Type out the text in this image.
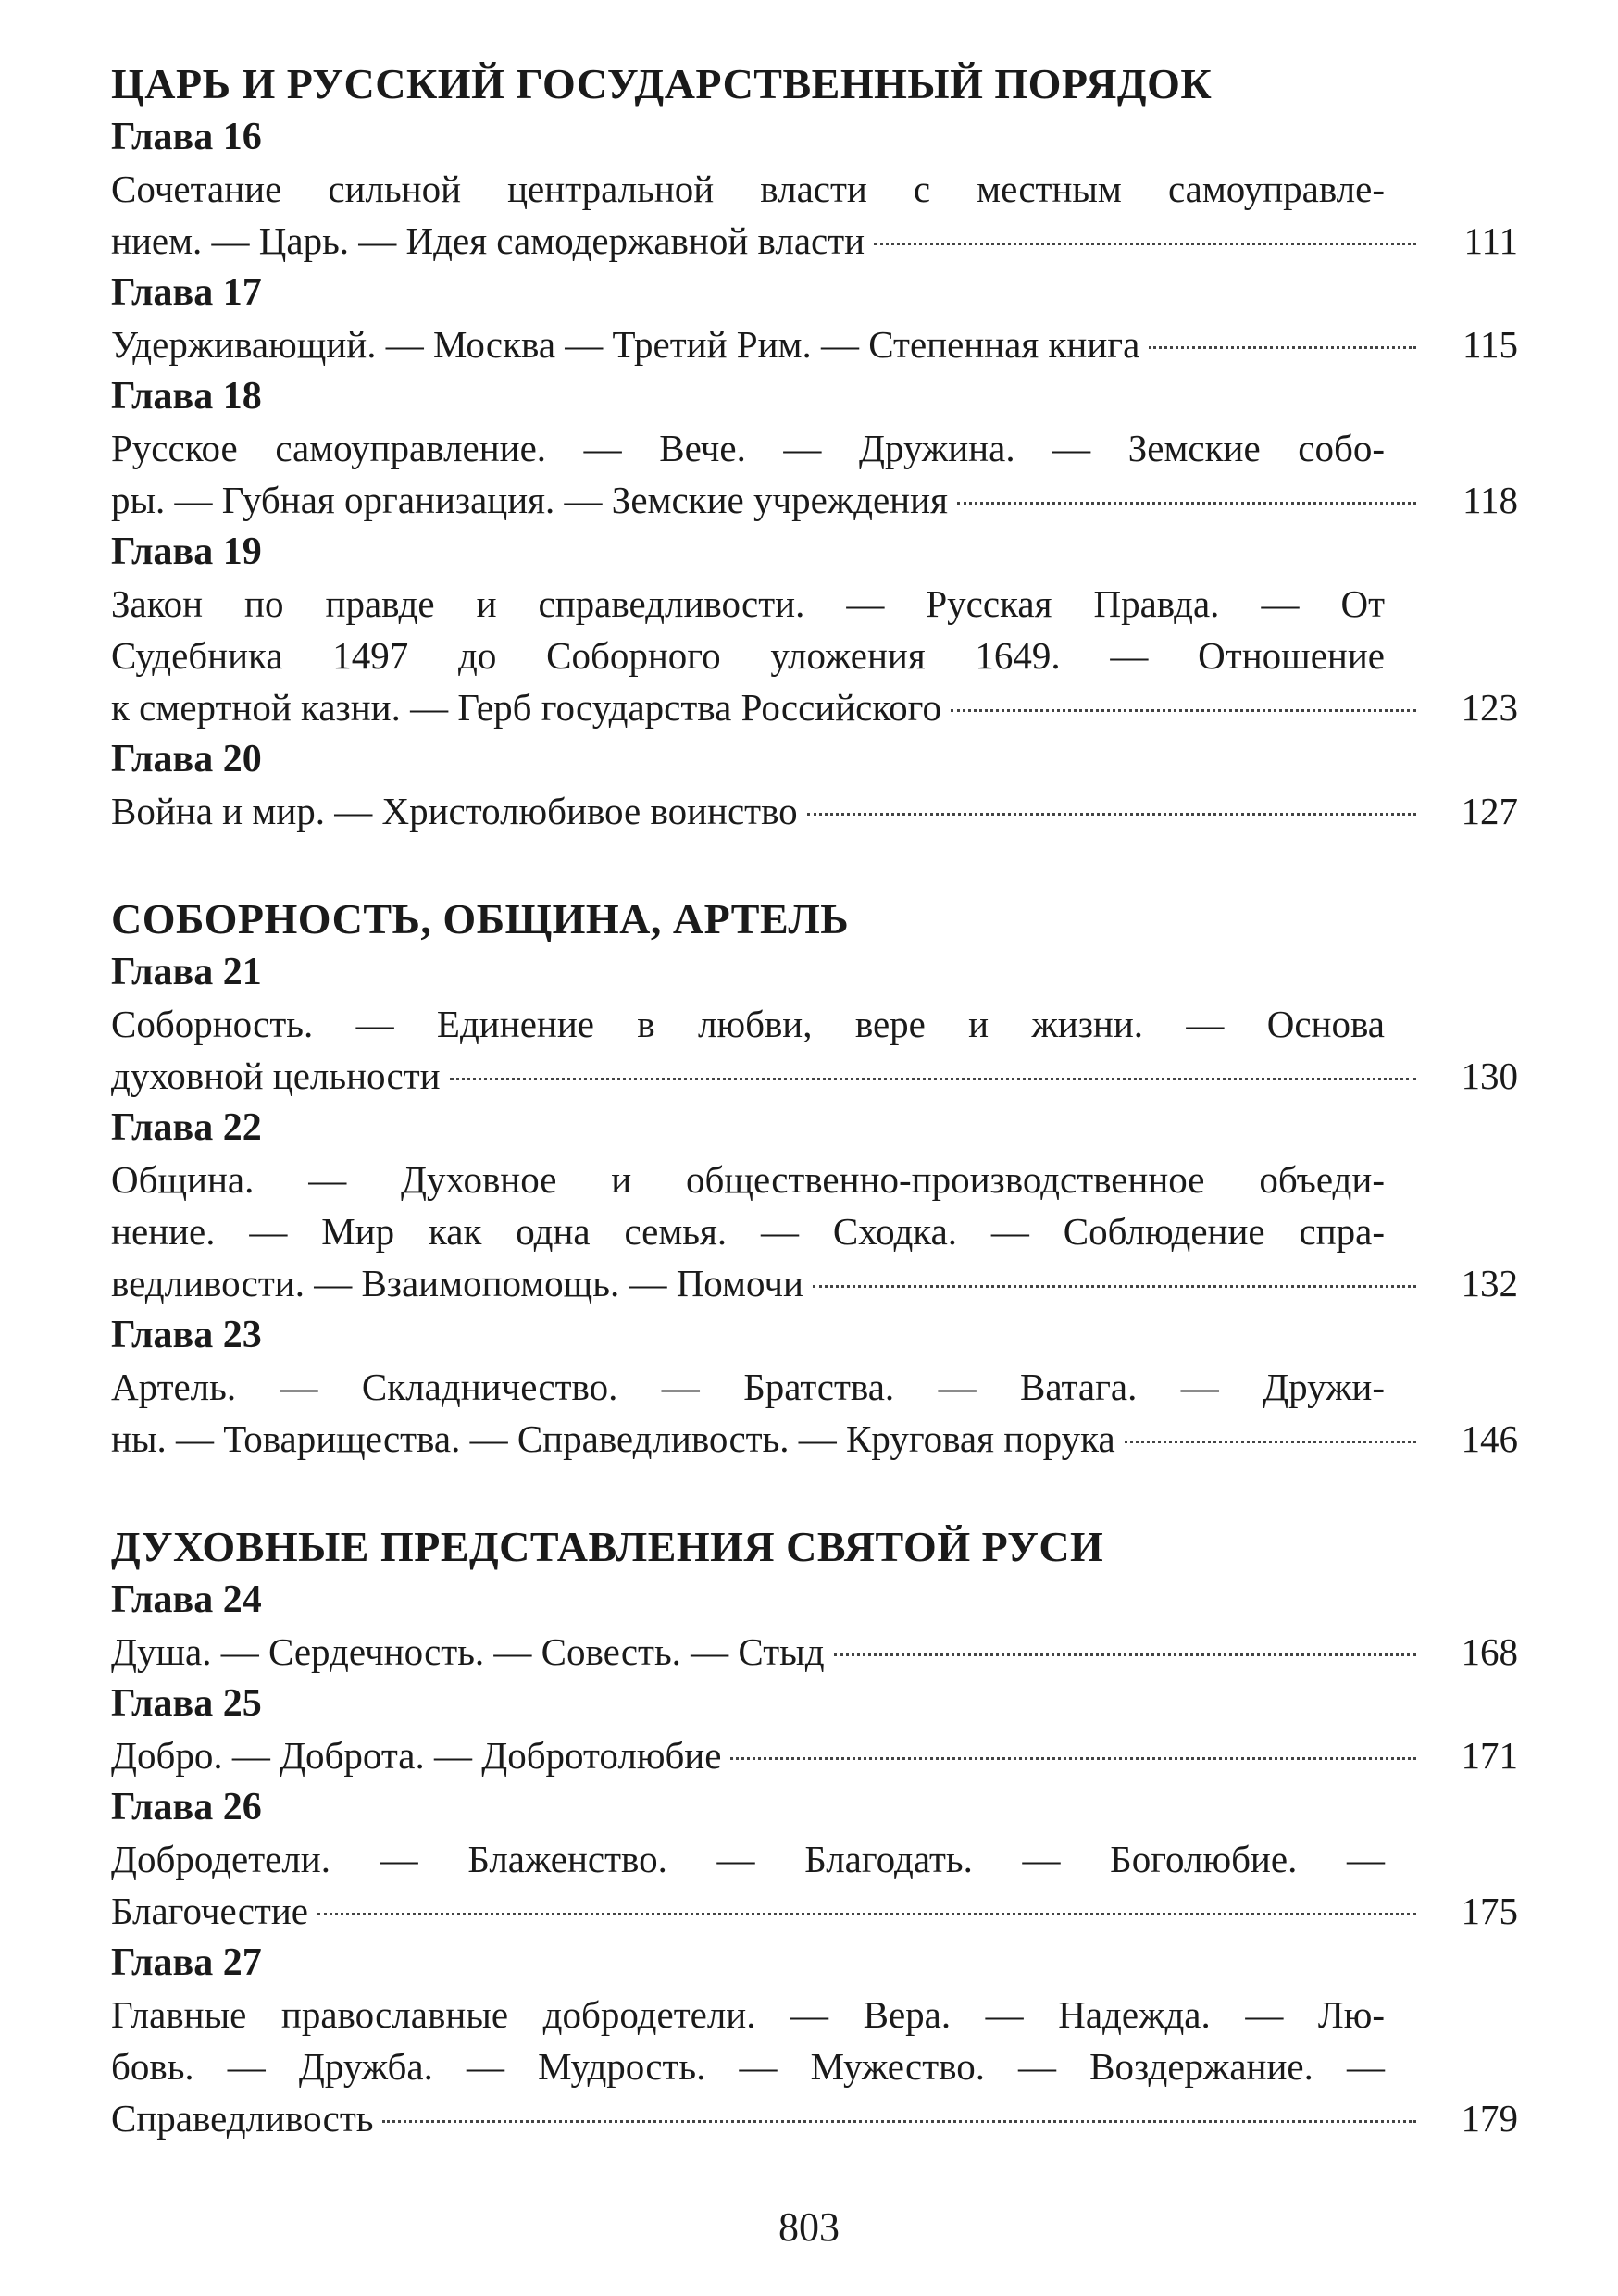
ЦАРЬ И РУССКИЙ ГОСУДАРСТВЕННЫЙ ПОРЯДОК
Глава 16
Сочетание сильной центральной власти с местным самоуправле-
нием. — Царь. — Идея самодержавной власти	111
Глава 17
Удерживающий. — Москва — Третий Рим. — Степенная книга	115
Глава 18
Русское самоуправление. — Вече. — Дружина. — Земские собо-
ры. — Губная организация. — Земские учреждения	118
Глава 19
Закон по правде и справедливости. — Русская Правда. — От
Судебника 1497 до Соборного уложения 1649. — Отношение
к смертной казни. — Герб государства Российского	123
Глава 20
Война и мир. — Христолюбивое воинство	127
СОБОРНОСТЬ, ОБЩИНА, АРТЕЛЬ
Глава 21
Соборность. — Единение в любви, вере и жизни. — Основа
духовной цельности	130
Глава 22
Община. — Духовное и общественно-производственное объеди-
нение. — Мир как одна семья. — Сходка. — Соблюдение спра-
ведливости. — Взаимопомощь. — Помочи	132
Глава 23
Артель. — Складничество. — Братства. — Ватага. — Дружи-
ны. — Товарищества. — Справедливость. — Круговая порука	146
ДУХОВНЫЕ ПРЕДСТАВЛЕНИЯ СВЯТОЙ РУСИ
Глава 24
Душа. — Сердечность. — Совесть. — Стыд	168
Глава 25
Добро. — Доброта. — Добротолюбие	171
Глава 26
Добродетели. — Блаженство. — Благодать. — Боголюбие. —
Благочестие	175
Глава 27
Главные православные добродетели. — Вера. — Надежда. — Лю-
бовь. — Дружба. — Мудрость. — Мужество. — Воздержание. —
Справедливость	179
803
